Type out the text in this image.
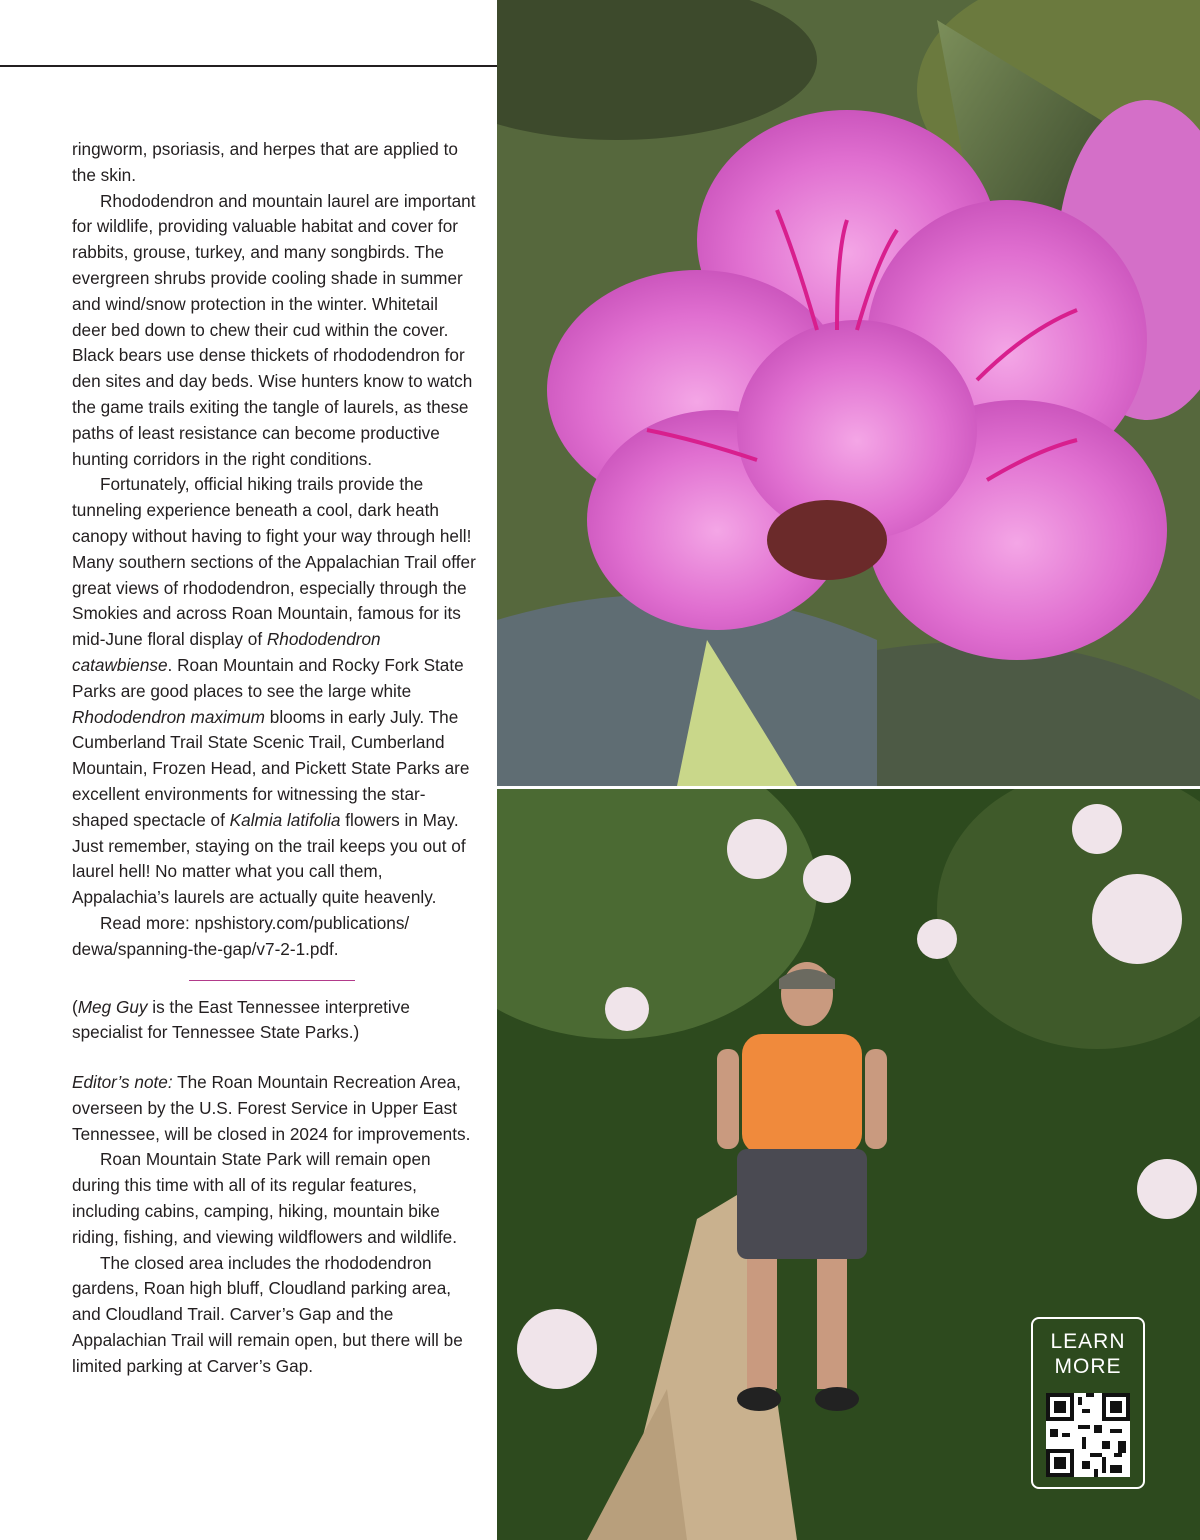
ringworm, psoriasis, and herpes that are applied to the skin.

Rhododendron and mountain laurel are important for wildlife, providing valuable habitat and cover for rabbits, grouse, turkey, and many songbirds. The evergreen shrubs provide cooling shade in summer and wind/snow protection in the winter. Whitetail deer bed down to chew their cud within the cover. Black bears use dense thickets of rhododendron for den sites and day beds. Wise hunters know to watch the game trails exiting the tangle of laurels, as these paths of least resistance can become productive hunting corridors in the right conditions.

Fortunately, official hiking trails provide the tunneling experience beneath a cool, dark heath canopy without having to fight your way through hell! Many southern sections of the Appalachian Trail offer great views of rhododendron, especially through the Smokies and across Roan Mountain, famous for its mid-June floral display of Rhododendron catawbiense. Roan Mountain and Rocky Fork State Parks are good places to see the large white Rhododendron maximum blooms in early July. The Cumberland Trail State Scenic Trail, Cumberland Mountain, Frozen Head, and Pickett State Parks are excellent environments for witnessing the star-shaped spectacle of Kalmia latifolia flowers in May. Just remember, staying on the trail keeps you out of laurel hell! No matter what you call them, Appalachia’s laurels are actually quite heavenly.

Read more: npshistory.com/publications/ dewa/spanning-the-gap/v7-2-1.pdf.

(Meg Guy is the East Tennessee interpretive specialist for Tennessee State Parks.)

Editor’s note: The Roan Mountain Recreation Area, overseen by the U.S. Forest Service in Upper East Tennessee, will be closed in 2024 for improvements.

Roan Mountain State Park will remain open during this time with all of its regular features, including cabins, camping, hiking, mountain bike riding, fishing, and viewing wildflowers and wildlife.

The closed area includes the rhododendron gardens, Roan high bluff, Cloudland parking area, and Cloudland Trail. Carver’s Gap and the Appalachian Trail will remain open, but there will be limited parking at Carver’s Gap.

LEARN
MORE
